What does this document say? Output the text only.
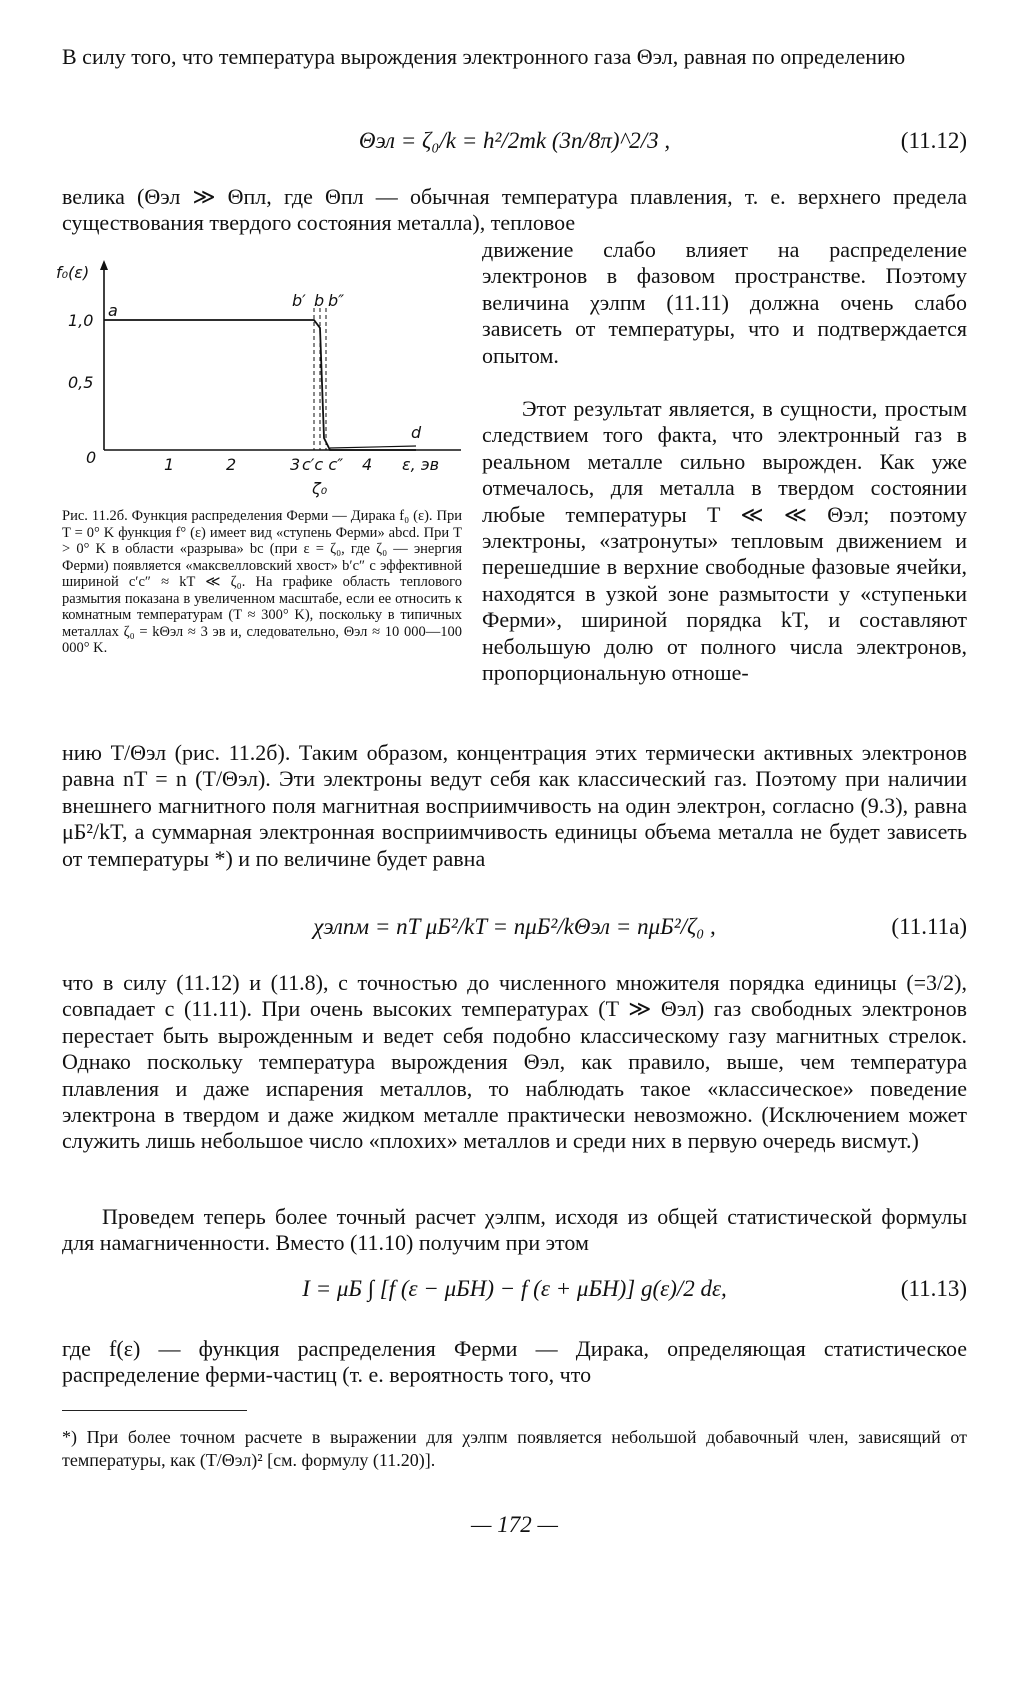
В силу того, что температура вырождения электронного газа Θэл, равная по определению

Θэл = ζ₀/k = h²/2mk (3n/8π)^2/3 ,	(11.12)

велика (Θэл ≫ Θпл, где Θпл — обычная температура плавления, т. е. верхнего предела существования твердого состояния металла), тепловое

f₀(ε)
1,0
0,5
0
a
b′ b b″
d
1	2	3 c′c c″ 4 ε, эв
ζ₀

Рис. 11.2б. Функция распределения Ферми — Дирака f₀ (ε). При T = 0° K функция f° (ε) имеет вид «ступень Ферми» abcd. При T > 0° K в области «разрыва» bc (при ε = ζ₀, где ζ₀ — энергия Ферми) появляется «максвелловский хвост» b′c″ с эффективной шириной c′c″ ≈ kT ≪ ζ₀. На графике область теплового размытия показана в увеличенном масштабе, если ее относить к комнатным температурам (T ≈ 300° K), поскольку в типичных металлах ζ₀ = kΘэл ≈ 3 эв и, следовательно, Θэл ≈ 10 000—100 000° K.

движение слабо влияет на распределение электронов в фазовом пространстве. Поэтому величина χэлпм (11.11) должна очень слабо зависеть от температуры, что и подтверждается опытом.

Этот результат является, в сущности, простым следствием того факта, что электронный газ в реальном металле сильно вырожден. Как уже отмечалось, для металла в твердом состоянии любые температуры T ≪ ≪ Θэл; поэтому электроны, «затронуты» тепловым движением и перешедшие в верхние свободные фазовые ячейки, находятся в узкой зоне размытости у «ступеньки Ферми», шириной порядка kT, и составляют небольшую долю от полного числа электронов, пропорциональную отноше-

нию T/Θэл (рис. 11.2б). Таким образом, концентрация этих термически активных электронов равна nT = n (T/Θэл). Эти электроны ведут себя как классический газ. Поэтому при наличии внешнего магнитного поля магнитная восприимчивость на один электрон, согласно (9.3), равна μБ²/kT, а суммарная электронная восприимчивость единицы объема металла не будет зависеть от температуры *) и по величине будет равна

χэлпм = nT μБ²/kT = nμБ²/kΘэл = nμБ²/ζ₀ ,	(11.11а)

что в силу (11.12) и (11.8), с точностью до численного множителя порядка единицы (=3/2), совпадает с (11.11). При очень высоких температурах (T ≫ Θэл) газ свободных электронов перестает быть вырожденным и ведет себя подобно классическому газу магнитных стрелок. Однако поскольку температура вырождения Θэл, как правило, выше, чем температура плавления и даже испарения металлов, то наблюдать такое «классическое» поведение электрона в твердом и даже жидком металле практически невозможно. (Исключением может служить лишь небольшое число «плохих» металлов и среди них в первую очередь висмут.)

Проведем теперь более точный расчет χэлпм, исходя из общей статистической формулы для намагниченности. Вместо (11.10) получим при этом

I = μБ ∫ [f (ε − μБH) − f (ε + μБH)] g(ε)/2 dε,	(11.13)

где f(ε) — функция распределения Ферми — Дирака, определяющая статистическое распределение ферми-частиц (т. е. вероятность того, что

*) При более точном расчете в выражении для χэлпм появляется небольшой добавочный член, зависящий от температуры, как (T/Θэл)² [см. формулу (11.20)].

— 172 —
